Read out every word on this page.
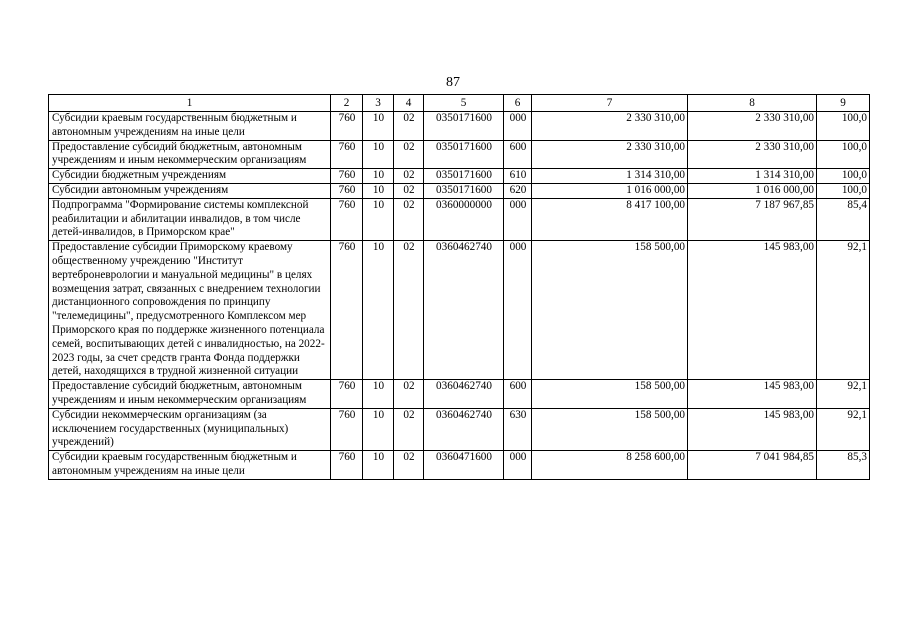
87
1	2	3	4	5	6	7	8	9
Субсидии краевым государственным бюджетным и автономным учреждениям на иные цели	760	10	02	0350171600	000	2 330 310,00	2 330 310,00	100,0
Предоставление субсидий бюджетным, автономным учреждениям и иным некоммерческим организациям	760	10	02	0350171600	600	2 330 310,00	2 330 310,00	100,0
Субсидии бюджетным учреждениям	760	10	02	0350171600	610	1 314 310,00	1 314 310,00	100,0
Субсидии автономным учреждениям	760	10	02	0350171600	620	1 016 000,00	1 016 000,00	100,0
Подпрограмма "Формирование системы комплексной реабилитации и абилитации инвалидов, в том числе детей-инвалидов, в Приморском крае"	760	10	02	0360000000	000	8 417 100,00	7 187 967,85	85,4
Предоставление субсидии Приморскому краевому общественному учреждению "Институт вертеброневрологии и мануальной медицины" в целях возмещения затрат, связанных с внедрением технологии дистанционного сопровождения по принципу "телемедицины", предусмотренного Комплексом мер Приморского края по поддержке жизненного потенциала семей, воспитывающих детей с инвалидностью, на 2022-2023 годы, за счет средств гранта Фонда поддержки детей, находящихся в трудной жизненной ситуации	760	10	02	0360462740	000	158 500,00	145 983,00	92,1
Предоставление субсидий бюджетным, автономным учреждениям и иным некоммерческим организациям	760	10	02	0360462740	600	158 500,00	145 983,00	92,1
Субсидии некоммерческим организациям (за исключением государственных (муниципальных) учреждений)	760	10	02	0360462740	630	158 500,00	145 983,00	92,1
Субсидии краевым государственным бюджетным и автономным учреждениям на иные цели	760	10	02	0360471600	000	8 258 600,00	7 041 984,85	85,3
